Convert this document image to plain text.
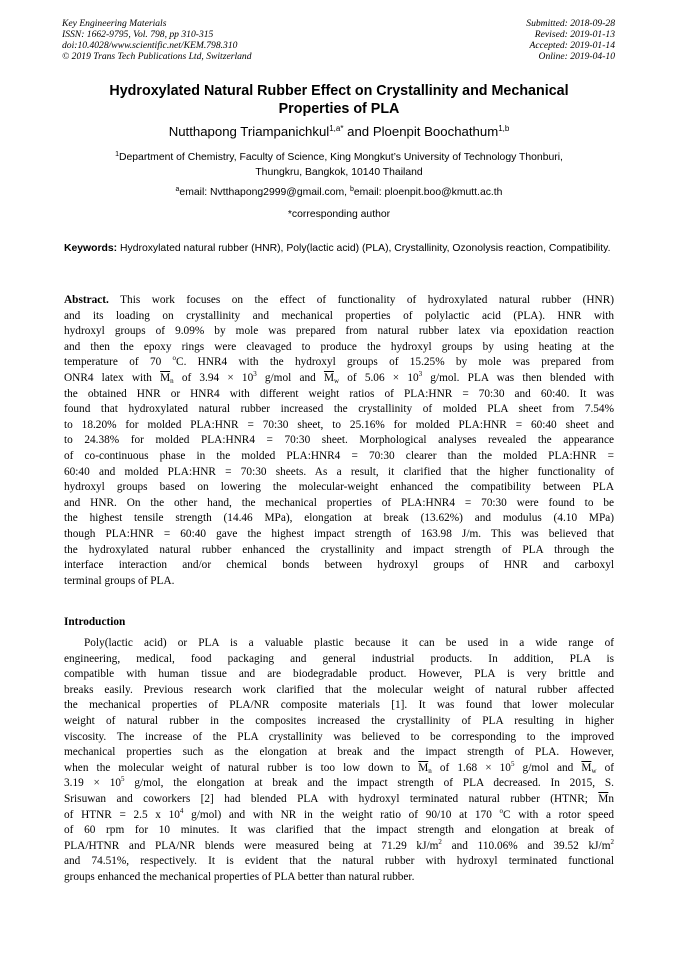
Key Engineering Materials
ISSN: 1662-9795, Vol. 798, pp 310-315
doi:10.4028/www.scientific.net/KEM.798.310
© 2019 Trans Tech Publications Ltd, Switzerland
Submitted: 2018-09-28
Revised: 2019-01-13
Accepted: 2019-01-14
Online: 2019-04-10
Hydroxylated Natural Rubber Effect on Crystallinity and Mechanical
Properties of PLA
Nutthapong Triampanichkul$^{1,a*}$ and Ploenpit Boochathum$^{1,b}$
$^1$Department of Chemistry, Faculty of Science, King Mongkut’s University of Technology Thonburi,
Thungkru, Bangkok, 10140 Thailand
$^a$email: Nvtthapong2999@gmail.com, $^b$email: ploenpit.boo@kmutt.ac.th
*corresponding author
Keywords: Hydroxylated natural rubber (HNR), Poly(lactic acid) (PLA), Crystallinity, Ozonolysis reaction, Compatibility.
Abstract. This work focuses on the effect of functionality of hydroxylated natural rubber (HNR)
and its loading on crystallinity and mechanical properties of polylactic acid (PLA). HNR with
hydroxyl groups of 9.09% by mole was prepared from natural rubber latex via epoxidation reaction
and then the epoxy rings were cleavaged to produce the hydroxyl groups by using heating at the
temperature of 70 $^o$C. HNR4 with the hydroxyl groups of 15.25% by mole was prepared from
ONR4 latex with $\overline{M}_n$ of $3.94 \times 10^3$ g/mol and $\overline{M}_w$ of $5.06 \times 10^3$ g/mol. PLA was then blended with
the obtained HNR or HNR4 with different weight ratios of PLA:HNR = 70:30 and 60:40. It was
found that hydroxylated natural rubber increased the crystallinity of molded PLA sheet from 7.54%
to 18.20% for molded PLA:HNR = 70:30 sheet, to 25.16% for molded PLA:HNR = 60:40 sheet and
to 24.38% for molded PLA:HNR4 = 70:30 sheet. Morphological analyses revealed the appearance
of co-continuous phase in the molded PLA:HNR4 = 70:30 clearer than the molded PLA:HNR =
60:40 and molded PLA:HNR = 70:30 sheets. As a result, it clarified that the higher functionality of
hydroxyl groups based on lowering the molecular-weight enhanced the compatibility between PLA
and HNR. On the other hand, the mechanical properties of PLA:HNR4 = 70:30 were found to be
the highest tensile strength (14.46 MPa), elongation at break (13.62%) and modulus (4.10 MPa)
though PLA:HNR = 60:40 gave the highest impact strength of 163.98 J/m. This was believed that
the hydroxylated natural rubber enhanced the crystallinity and impact strength of PLA through the
interface interaction and/or chemical bonds between hydroxyl groups of HNR and carboxyl
terminal groups of PLA.
Introduction
Poly(lactic acid) or PLA is a valuable plastic because it can be used in a wide range of
engineering, medical, food packaging and general industrial products. In addition, PLA is
compatible with human tissue and are biodegradable product. However, PLA is very brittle and
breaks easily. Previous research work clarified that the molecular weight of natural rubber affected
the mechanical properties of PLA/NR composite materials [1]. It was found that lower molecular
weight of natural rubber in the composites increased the crystallinity of PLA resulting in higher
viscosity. The increase of the PLA crystallinity was believed to be corresponding to the improved
mechanical properties such as the elongation at break and the impact strength of PLA. However,
when the molecular weight of natural rubber is too low down to $\overline{M}_n$ of $1.68 \times 10^5$ g/mol and $\overline{M}_w$ of
$3.19 \times 10^5$ g/mol, the elongation at break and the impact strength of PLA decreased. In 2015, S.
Srisuwan and coworkers [2] had blended PLA with hydroxyl terminated natural rubber (HTNR; $\overline{M}n$
of HTNR = 2.5 x $10^4$ g/mol) and with NR in the weight ratio of 90/10 at 170 $^o$C with a rotor speed
of 60 rpm for 10 minutes. It was clarified that the impact strength and elongation at break of
PLA/HTNR and PLA/NR blends were measured being at 71.29 $kJ/m^2$ and 110.06% and 39.52 $kJ/m^2$
and 74.51%, respectively. It is evident that the natural rubber with hydroxyl terminated functional
groups enhanced the mechanical properties of PLA better than natural rubber.
